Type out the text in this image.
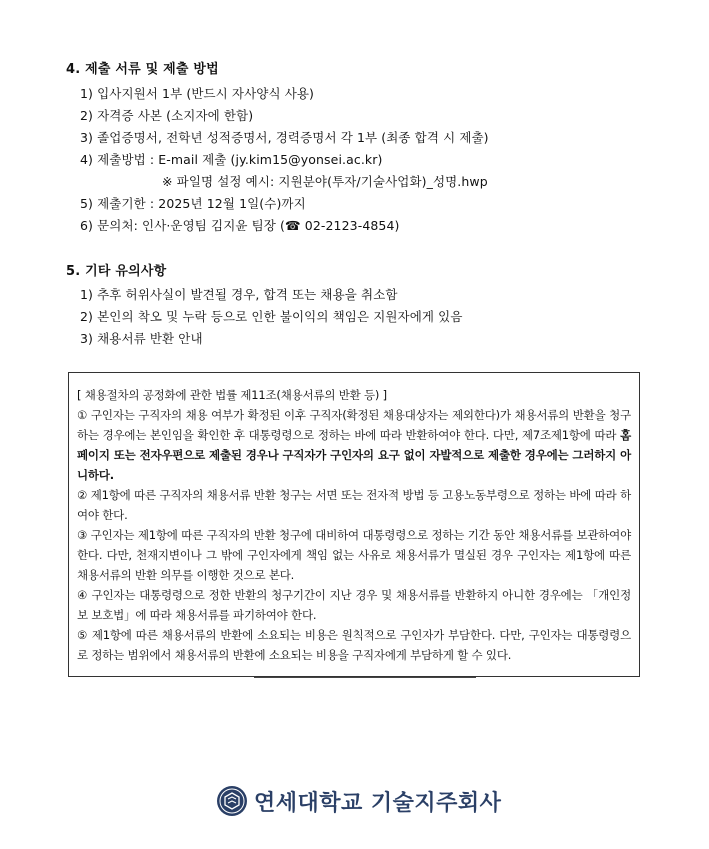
4. 제출 서류 및 제출 방법

1) 입사지원서 1부 (반드시 자사양식 사용)

2) 자격증 사본 (소지자에 한함)

3) 졸업증명서, 전학년 성적증명서, 경력증명서 각 1부 (최종 합격 시 제출)

4) 제출방법 : E-mail 제출 (jy.kim15@yonsei.ac.kr)

※ 파일명 설정 예시: 지원분야(투자/기술사업화)_성명.hwp

5) 제출기한 : 2025년 12월 1일(수)까지

6) 문의처: 인사·운영팀 김지윤 팀장 (☎ 02-2123-4854)

5. 기타 유의사항

1) 추후 허위사실이 발견될 경우, 합격 또는 채용을 취소함

2) 본인의 착오 및 누락 등으로 인한 불이익의 책임은 지원자에게 있음

3) 채용서류 반환 안내

[ 채용절차의 공정화에 관한 법률 제11조(채용서류의 반환 등) ]

① 구인자는 구직자의 채용 여부가 확정된 이후 구직자(확정된 채용대상자는 제외한다)가 채용서류의 반환을 청구하는 경우에는 본인임을 확인한 후 대통령령으로 정하는 바에 따라 반환하여야 한다. 다만, 제7조제1항에 따라 홈페이지 또는 전자우편으로 제출된 경우나 구직자가 구인자의 요구 없이 자발적으로 제출한 경우에는 그러하지 아니하다.

② 제1항에 따른 구직자의 채용서류 반환 청구는 서면 또는 전자적 방법 등 고용노동부령으로 정하는 바에 따라 하여야 한다.

③ 구인자는 제1항에 따른 구직자의 반환 청구에 대비하여 대통령령으로 정하는 기간 동안 채용서류를 보관하여야 한다. 다만, 천재지변이나 그 밖에 구인자에게 책임 없는 사유로 채용서류가 멸실된 경우 구인자는 제1항에 따른 채용서류의 반환 의무를 이행한 것으로 본다.

④ 구인자는 대통령령으로 정한 반환의 청구기간이 지난 경우 및 채용서류를 반환하지 아니한 경우에는 「개인정보 보호법」에 따라 채용서류를 파기하여야 한다.

⑤ 제1항에 따른 채용서류의 반환에 소요되는 비용은 원칙적으로 구인자가 부담한다. 다만, 구인자는 대통령령으로 정하는 범위에서 채용서류의 반환에 소요되는 비용을 구직자에게 부담하게 할 수 있다.

연세대학교 기술지주회사
